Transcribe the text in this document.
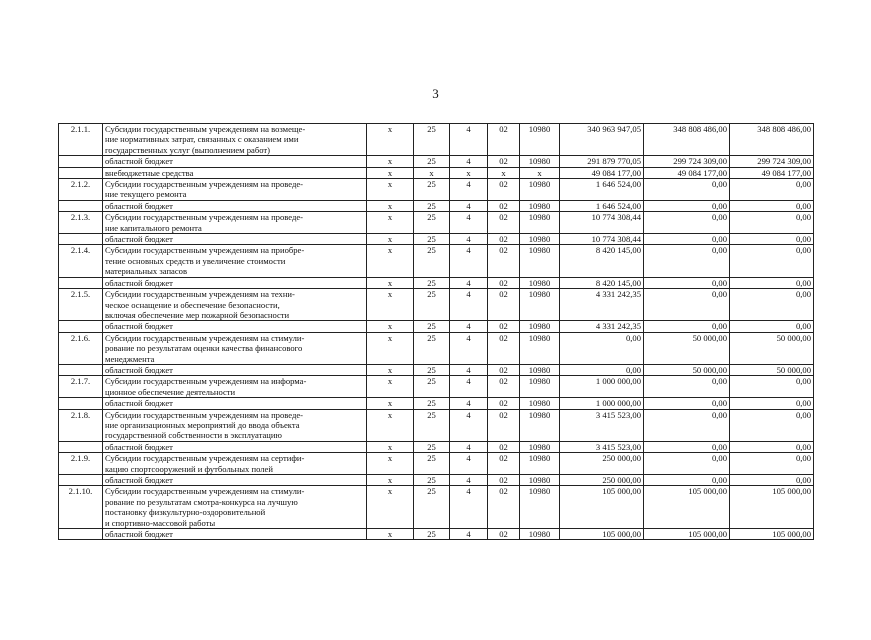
3
2.1.1.	Субсидии государственным учреждениям на возмеще-
ние нормативных затрат, связанных с оказанием ими
государственных услуг (выполнением работ)	x	25	4	02	10980	340 963 947,05	348 808 486,00	348 808 486,00
	областной бюджет	x	25	4	02	10980	291 879 770,05	299 724 309,00	299 724 309,00
	внебюджетные средства	x	x	x	x	x	49 084 177,00	49 084 177,00	49 084 177,00
2.1.2.	Субсидии государственным учреждениям на проведе-
ние текущего ремонта	x	25	4	02	10980	1 646 524,00	0,00	0,00
	областной бюджет	x	25	4	02	10980	1 646 524,00	0,00	0,00
2.1.3.	Субсидии государственным учреждениям на проведе-
ние капитального ремонта	x	25	4	02	10980	10 774 308,44	0,00	0,00
	областной бюджет	x	25	4	02	10980	10 774 308,44	0,00	0,00
2.1.4.	Субсидии государственным учреждениям на приобре-
тение основных средств и увеличение стоимости
материальных запасов	x	25	4	02	10980	8 420 145,00	0,00	0,00
	областной бюджет	x	25	4	02	10980	8 420 145,00	0,00	0,00
2.1.5.	Субсидии государственным учреждениям на техни-
ческое оснащение и обеспечение безопасности,
включая обеспечение мер пожарной безопасности	x	25	4	02	10980	4 331 242,35	0,00	0,00
	областной бюджет	x	25	4	02	10980	4 331 242,35	0,00	0,00
2.1.6.	Субсидии государственным учреждениям на стимули-
рование по результатам оценки качества финансового
менеджмента	x	25	4	02	10980	0,00	50 000,00	50 000,00
	областной бюджет	x	25	4	02	10980	0,00	50 000,00	50 000,00
2.1.7.	Субсидии государственным учреждениям на информа-
ционное обеспечение деятельности	x	25	4	02	10980	1 000 000,00	0,00	0,00
	областной бюджет	x	25	4	02	10980	1 000 000,00	0,00	0,00
2.1.8.	Субсидии государственным учреждениям на проведе-
ние организационных мероприятий до ввода объекта
государственной собственности в эксплуатацию	x	25	4	02	10980	3 415 523,00	0,00	0,00
	областной бюджет	x	25	4	02	10980	3 415 523,00	0,00	0,00
2.1.9.	Субсидии государственным учреждениям на сертифи-
кацию спортсооружений и футбольных полей	x	25	4	02	10980	250 000,00	0,00	0,00
	областной бюджет	x	25	4	02	10980	250 000,00	0,00	0,00
2.1.10.	Субсидии государственным учреждениям на стимули-
рование по результатам смотра-конкурса на лучшую
постановку физкультурно-оздоровительной
и спортивно-массовой работы	x	25	4	02	10980	105 000,00	105 000,00	105 000,00
	областной бюджет	x	25	4	02	10980	105 000,00	105 000,00	105 000,00
